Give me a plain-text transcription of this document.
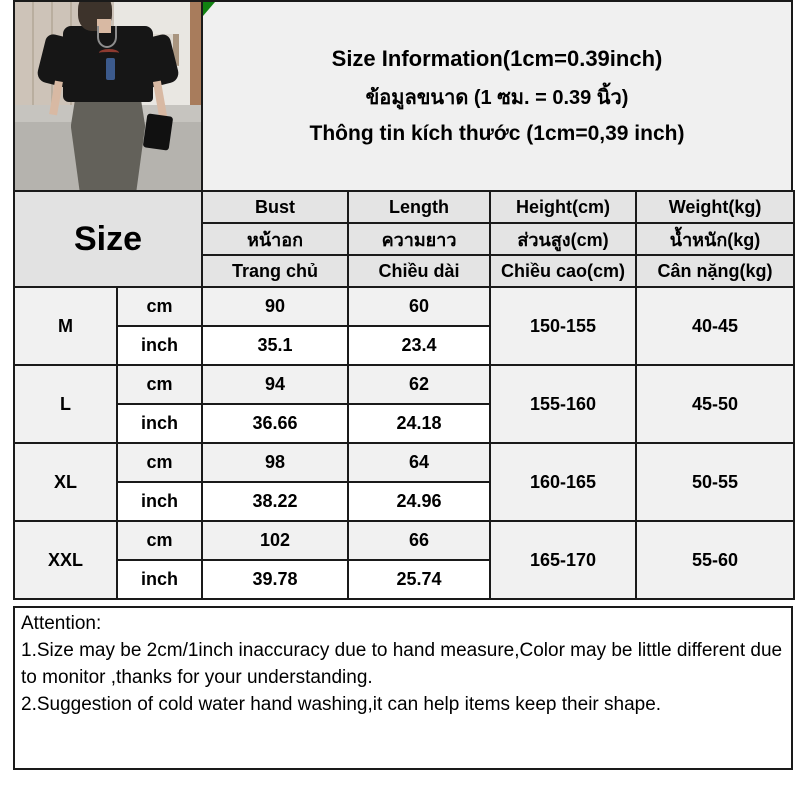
Size Information(1cm=0.39inch)
ข้อมูลขนาด (1 ซม. = 0.39 นิ้ว)
Thông tin kích thước (1cm=0,39 inch)
Size		Bust	Length	Height(cm)	Weight(kg)
		หน้าอก	ความยาว	ส่วนสูง(cm)	น้ำหนัก(kg)
		Trang chủ	Chiều dài	Chiều cao(cm)	Cân nặng(kg)
M	cm	90	60	150-155	40-45
	inch	35.1	23.4		
L	cm	94	62	155-160	45-50
	inch	36.66	24.18		
XL	cm	98	64	160-165	50-55
	inch	38.22	24.96		
XXL	cm	102	66	165-170	55-60
	inch	39.78	25.74		
Attention:
1.Size may be 2cm/1inch inaccuracy due to hand measure,Color may be little different due to monitor ,thanks for your understanding.
2.Suggestion of cold water hand washing,it can help items keep their shape.
